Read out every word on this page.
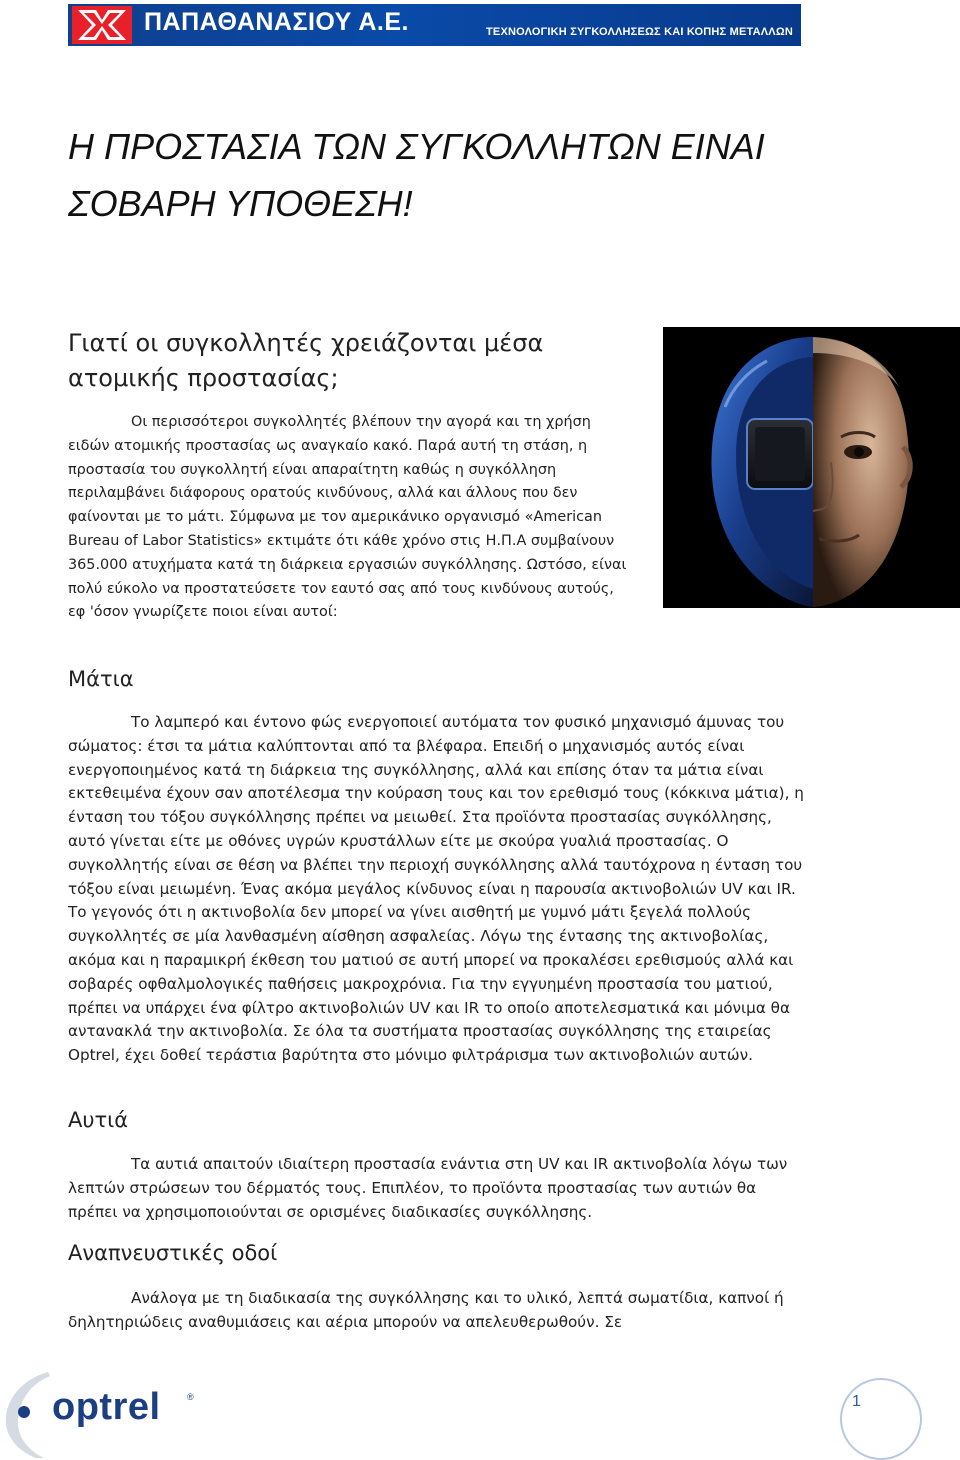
ΠΑΠΑΘΑΝΑΣΙΟΥ Α.Ε.	ΤΕΧΝΟΛΟΓΙΚΗ ΣΥΓΚΟΛΛΗΣΕΩΣ ΚΑΙ ΚΟΠΗΣ ΜΕΤΑΛΛΩΝ
Η ΠΡΟΣΤΑΣΙΑ ΤΩΝ ΣΥΓΚΟΛΛΗΤΩΝ ΕΙΝΑΙ ΣΟΒΑΡΗ ΥΠΟΘΕΣΗ!
Γιατί οι συγκολλητές χρειάζονται μέσα ατομικής προστασίας;

Οι περισσότεροι συγκολλητές βλέπουν την αγορά και τη χρήση ειδών ατομικής προστασίας ως αναγκαίο κακό. Παρά αυτή τη στάση, η προστασία του συγκολλητή είναι απαραίτητη καθώς η συγκόλληση περιλαμβάνει διάφορους ορατούς κινδύνους, αλλά και άλλους που δεν φαίνονται με το μάτι. Σύμφωνα με τον αμερικάνικο οργανισμό «American Bureau of Labor Statistics» εκτιμάτε ότι κάθε χρόνο στις Η.Π.Α συμβαίνουν 365.000 ατυχήματα κατά τη διάρκεια εργασιών συγκόλλησης. Ωστόσο, είναι πολύ εύκολο να προστατεύσετε τον εαυτό σας από τους κινδύνους αυτούς, εφ 'όσον γνωρίζετε ποιοι είναι αυτοί:

Μάτια

Το λαμπερό και έντονο φώς ενεργοποιεί αυτόματα τον φυσικό μηχανισμό άμυνας του σώματος: έτσι τα μάτια καλύπτονται από τα βλέφαρα. Επειδή ο μηχανισμός αυτός είναι ενεργοποιημένος κατά τη διάρκεια της συγκόλλησης, αλλά και επίσης όταν τα μάτια είναι εκτεθειμένα έχουν σαν αποτέλεσμα την κούραση τους και τον ερεθισμό τους (κόκκινα μάτια), η ένταση του τόξου συγκόλλησης πρέπει να μειωθεί. Στα προϊόντα προστασίας συγκόλλησης, αυτό γίνεται είτε με οθόνες υγρών κρυστάλλων είτε με σκούρα γυαλιά προστασίας. Ο συγκολλητής είναι σε θέση να βλέπει την περιοχή συγκόλλησης αλλά ταυτόχρονα η ένταση του τόξου είναι μειωμένη. Ένας ακόμα μεγάλος κίνδυνος είναι η παρουσία ακτινοβολιών UV και IR. Το γεγονός ότι η ακτινοβολία δεν μπορεί να γίνει αισθητή με γυμνό μάτι ξεγελά πολλούς συγκολλητές σε μία λανθασμένη αίσθηση ασφαλείας. Λόγω της έντασης της ακτινοβολίας, ακόμα και η παραμικρή έκθεση του ματιού σε αυτή μπορεί να προκαλέσει ερεθισμούς αλλά και σοβαρές οφθαλμολογικές παθήσεις μακροχρόνια. Για την εγγυημένη προστασία του ματιού, πρέπει να υπάρχει ένα φίλτρο ακτινοβολιών UV και IR το οποίο αποτελεσματικά και μόνιμα θα αντανακλά την ακτινοβολία. Σε όλα τα συστήματα προστασίας συγκόλλησης της εταιρείας Optrel, έχει δοθεί τεράστια βαρύτητα στο μόνιμο φιλτράρισμα των ακτινοβολιών αυτών.

Αυτιά

Τα αυτιά απαιτούν ιδιαίτερη προστασία ενάντια στη UV και IR ακτινοβολία λόγω των λεπτών στρώσεων του δέρματός τους. Επιπλέον, το προϊόντα προστασίας των αυτιών θα πρέπει να χρησιμοποιούνται σε ορισμένες διαδικασίες συγκόλλησης.

Αναπνευστικές οδοί

Ανάλογα με τη διαδικασία της συγκόλλησης και το υλικό, λεπτά σωματίδια, καπνοί ή δηλητηριώδεις αναθυμιάσεις και αέρια μπορούν να απελευθερωθούν. Σε

optrel	®	1
